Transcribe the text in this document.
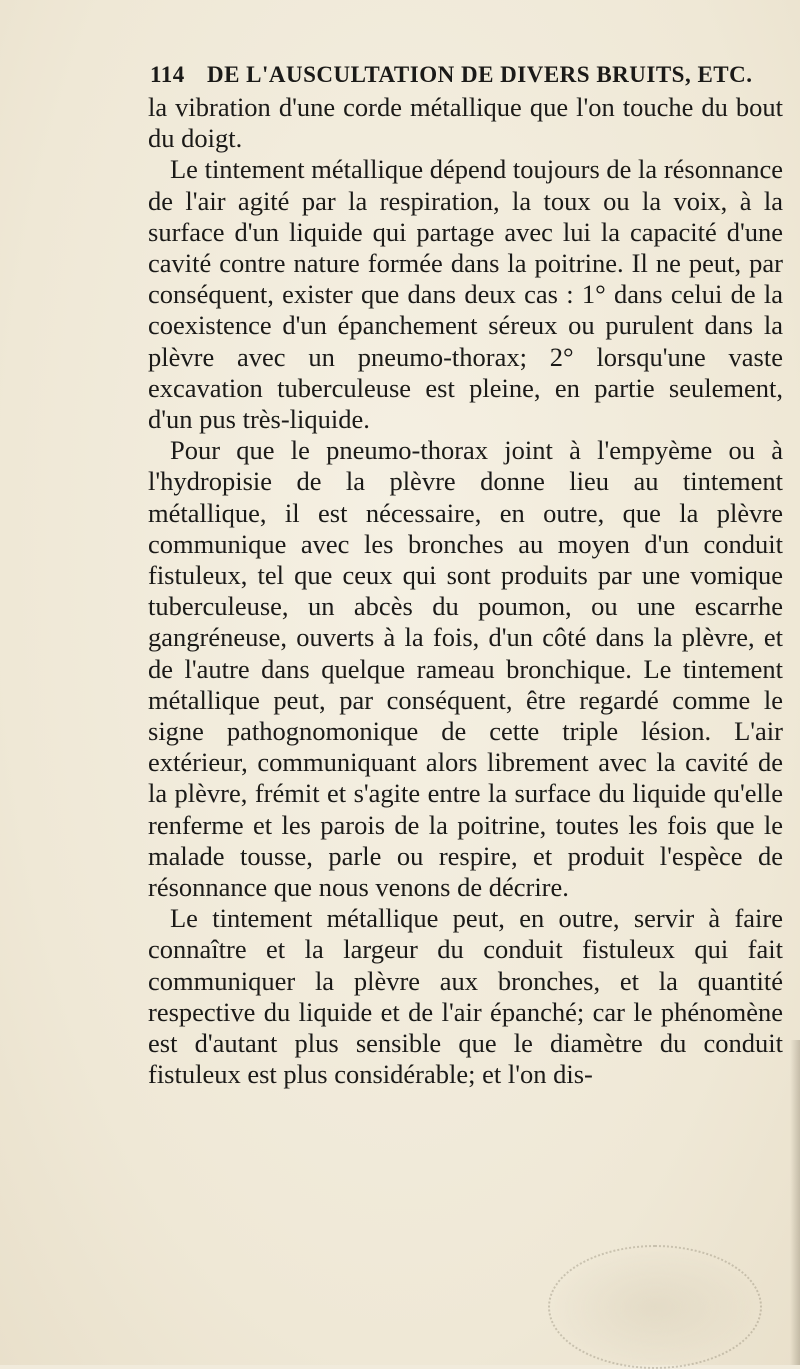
114 DE L'AUSCULTATION DE DIVERS BRUITS, ETC.

la vibration d'une corde métallique que l'on touche du bout du doigt.

Le tintement métallique dépend toujours de la résonnance de l'air agité par la respiration, la toux ou la voix, à la surface d'un liquide qui partage avec lui la capacité d'une cavité contre nature formée dans la poitrine. Il ne peut, par conséquent, exister que dans deux cas : 1° dans celui de la coexistence d'un épanchement séreux ou purulent dans la plèvre avec un pneumo-thorax; 2° lorsqu'une vaste excavation tuberculeuse est pleine, en partie seulement, d'un pus très-liquide.

Pour que le pneumo-thorax joint à l'empyème ou à l'hydropisie de la plèvre donne lieu au tintement métallique, il est nécessaire, en outre, que la plèvre communique avec les bronches au moyen d'un conduit fistuleux, tel que ceux qui sont produits par une vomique tuberculeuse, un abcès du poumon, ou une escarrhe gangréneuse, ouverts à la fois, d'un côté dans la plèvre, et de l'autre dans quelque rameau bronchique. Le tintement métallique peut, par conséquent, être regardé comme le signe pathognomonique de cette triple lésion. L'air extérieur, communiquant alors librement avec la cavité de la plèvre, frémit et s'agite entre la surface du liquide qu'elle renferme et les parois de la poitrine, toutes les fois que le malade tousse, parle ou respire, et produit l'espèce de résonnance que nous venons de décrire.

Le tintement métallique peut, en outre, servir à faire connaître et la largeur du conduit fistuleux qui fait communiquer la plèvre aux bronches, et la quantité respective du liquide et de l'air épanché; car le phénomène est d'autant plus sensible que le diamètre du conduit fistuleux est plus considérable; et l'on dis-
